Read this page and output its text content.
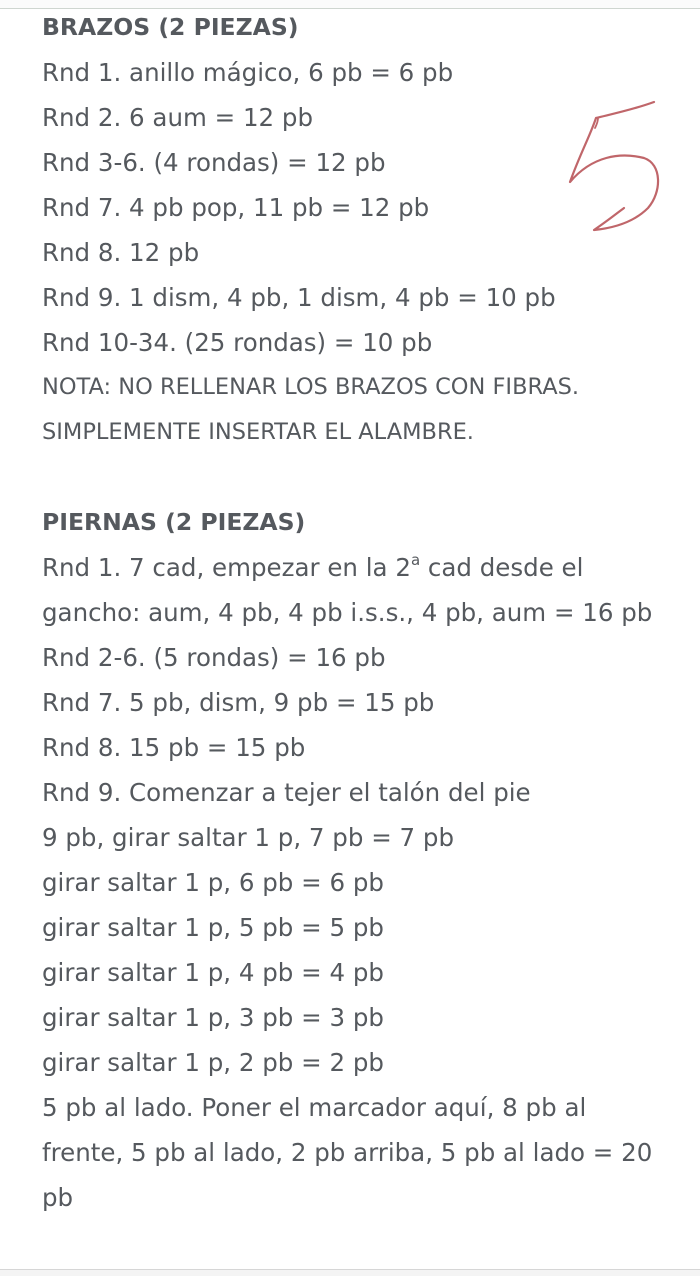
BRAZOS (2 PIEZAS)
Rnd 1. anillo mágico, 6 pb = 6 pb
Rnd 2. 6 aum = 12 pb
Rnd 3-6. (4 rondas) = 12 pb
Rnd 7. 4 pb pop, 11 pb = 12 pb
Rnd 8. 12 pb
Rnd 9. 1 dism, 4 pb, 1 dism, 4 pb = 10 pb
Rnd 10-34. (25 rondas) = 10 pb
NOTA: NO RELLENAR LOS BRAZOS CON FIBRAS.
SIMPLEMENTE INSERTAR EL ALAMBRE.
PIERNAS (2 PIEZAS)
Rnd 1. 7 cad, empezar en la 2$^a$ cad desde el gancho: aum, 4 pb, 4 pb i.s.s., 4 pb, aum = 16 pb
Rnd 2-6. (5 rondas) = 16 pb
Rnd 7. 5 pb, dism, 9 pb = 15 pb
Rnd 8. 15 pb = 15 pb
Rnd 9. Comenzar a tejer el talón del pie
9 pb, girar saltar 1 p, 7 pb = 7 pb
girar saltar 1 p, 6 pb = 6 pb
girar saltar 1 p, 5 pb = 5 pb
girar saltar 1 p, 4 pb = 4 pb
girar saltar 1 p, 3 pb = 3 pb
girar saltar 1 p, 2 pb = 2 pb
5 pb al lado. Poner el marcador aquí, 8 pb al frente, 5 pb al lado, 2 pb arriba, 5 pb al lado = 20 pb
